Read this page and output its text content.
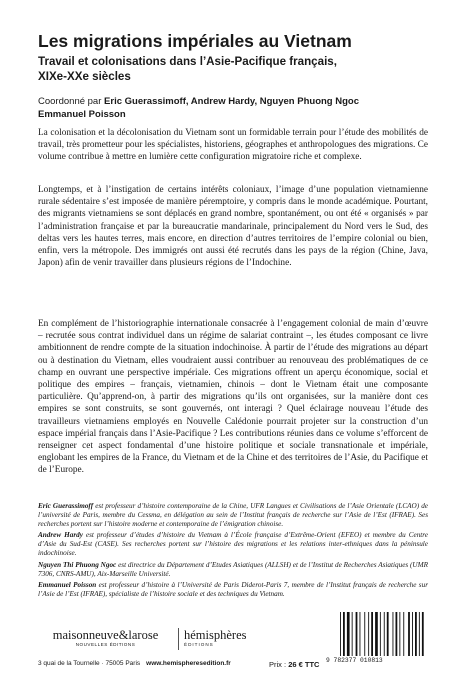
Les migrations impériales au Vietnam
Travail et colonisations dans l’Asie-Pacifique français,
XIXe-XXe siècles
Coordonné par Eric Guerassimoff, Andrew Hardy, Nguyen Phuong Ngoc
Emmanuel Poisson
La colonisation et la décolonisation du Vietnam sont un formidable terrain pour l’étude des mobilités de travail, très prometteur pour les spécialistes, historiens, géographes et anthropologues des migrations. Ce volume contribue à mettre en lumière cette configuration migratoire riche et complexe.
Longtemps, et à l’instigation de certains intérêts coloniaux, l’image d’une population vietnamienne rurale sédentaire s’est imposée de manière péremptoire, y compris dans le monde académique. Pourtant, des migrants vietnamiens se sont déplacés en grand nombre, spontanément, ou ont été « organisés » par l’administration française et par la bureaucratie mandarinale, principalement du Nord vers le Sud, des deltas vers les hautes terres, mais encore, en direction d’autres territoires de l’empire colonial ou bien, enfin, vers la métropole. Des immigrés ont aussi été recrutés dans les pays de la région (Chine, Java, Japon) afin de venir travailler dans plusieurs régions de l’Indochine.
En complément de l’historiographie internationale consacrée à l’engagement colonial de main d’œuvre – recrutée sous contrat individuel dans un régime de salariat contraint –, les études composant ce livre ambitionnent de rendre compte de la situation indochinoise. À partir de l’étude des migrations au départ ou à destination du Vietnam, elles voudraient aussi contribuer au renouveau des problématiques de ce champ en ouvrant une perspective impériale. Ces migrations offrent un aperçu économique, social et politique des empires – français, vietnamien, chinois – dont le Vietnam était une composante particulière. Qu’apprend-on, à partir des migrations qu’ils ont organisées, sur la manière dont ces empires se sont construits, se sont gouvernés, ont interagi ? Quel éclairage nouveau l’étude des travailleurs vietnamiens employés en Nouvelle Calédonie pourrait projeter sur la construction d’un espace impérial français dans l’Asie-Pacifique ? Les contributions réunies dans ce volume s’efforcent de renseigner cet aspect fondamental d’une histoire politique et sociale transnationale et impériale, englobant les empires de la France, du Vietnam et de la Chine et des territoires de l’Asie, du Pacifique et de l’Europe.
Eric Guerassimoff est professeur d’histoire contemporaine de la Chine, UFR Langues et Civilisations de l’Asie Orientale (LCAO) de l’université de Paris, membre du Cessma, en délégation au sein de l’Institut français de recherche sur l’Asie de l’Est (IFRAE). Ses recherches portent sur l’histoire moderne et contemporaine de l’émigration chinoise.
Andrew Hardy est professeur d’études d’histoire du Vietnam à l’École française d’Extrême-Orient (EFEO) et membre du Centre d’Asie du Sud-Est (CASE). Ses recherches portent sur l’histoire des migrations et les relations inter-ethniques dans la péninsule indochinoise.
Nguyen Thi Phuong Ngoc est directrice du Département d’Etudes Asiatiques (ALLSH) et de l’Institut de Recherches Asiatiques (UMR 7306, CNRS-AMU), Aix-Marseille Université.
Emmanuel Poisson est professeur d’histoire à l’Université de Paris Diderot-Paris 7, membre de l’Institut français de recherche sur l’Asie de l’Est (IFRAE), spécialiste de l’histoire sociale et des techniques du Vietnam.
maisonneuve&larose
NOUVELLES ÉDITIONS
hémisphères
ÉDITIONS
3 quai de la Tournelle · 75005 Paris www.hemispheresedition.fr	Prix : 26 € TTC 9 782377 010813
